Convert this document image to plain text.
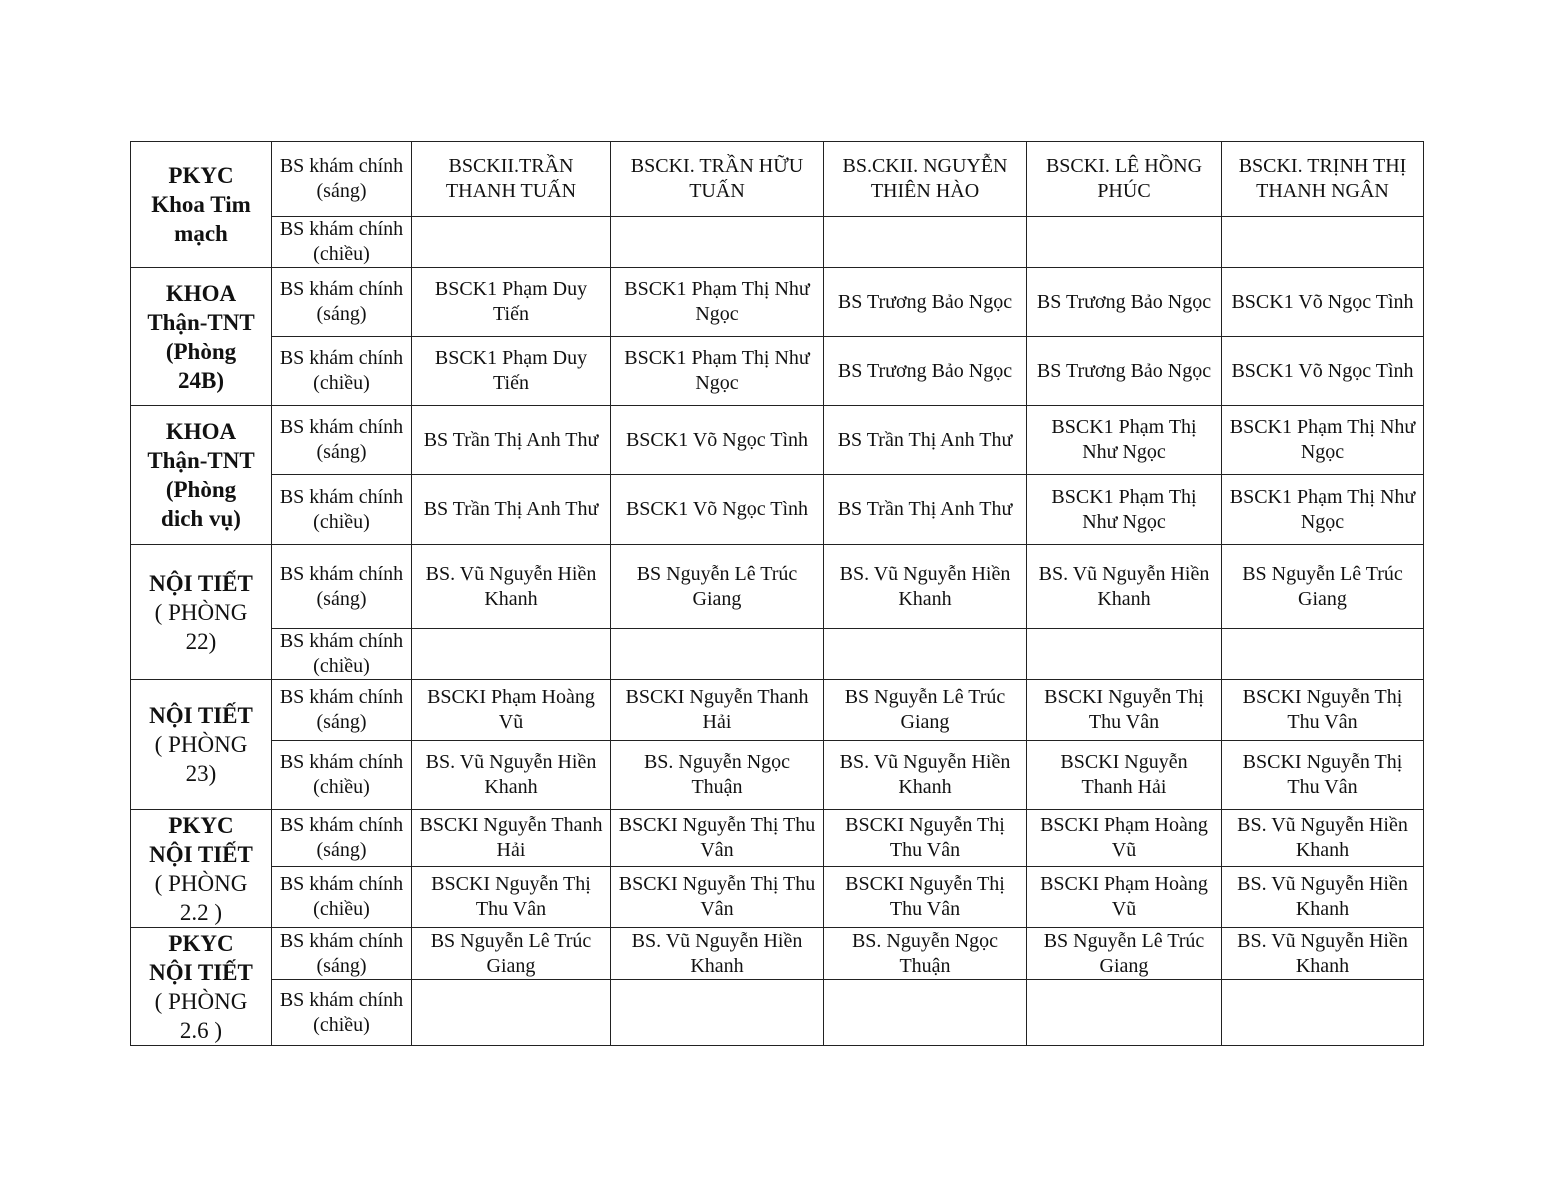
PKYC
Khoa Tim
mạch	BS khám chính (sáng)	BSCKII.TRẦN THANH TUẤN	BSCKI. TRẦN HỮU TUẤN	BS.CKII. NGUYỄN THIÊN HÀO	BSCKI. LÊ HỒNG PHÚC	BSCKI. TRỊNH THỊ THANH NGÂN
	BS khám chính (chiều)					

KHOA
Thận-TNT
(Phòng
24B)	BS khám chính (sáng)	BSCK1 Phạm Duy Tiến	BSCK1 Phạm Thị Như Ngọc	BS Trương Bảo Ngọc	BS Trương Bảo Ngọc	BSCK1 Võ Ngọc Tình
	BS khám chính (chiều)	BSCK1 Phạm Duy Tiến	BSCK1 Phạm Thị Như Ngọc	BS Trương Bảo Ngọc	BS Trương Bảo Ngọc	BSCK1 Võ Ngọc Tình

KHOA
Thận-TNT
(Phòng
dich vụ)	BS khám chính (sáng)	BS Trần Thị Anh Thư	BSCK1 Võ Ngọc Tình	BS Trần Thị Anh Thư	BSCK1 Phạm Thị Như Ngọc	BSCK1 Phạm Thị Như Ngọc
	BS khám chính (chiều)	BS Trần Thị Anh Thư	BSCK1 Võ Ngọc Tình	BS Trần Thị Anh Thư	BSCK1 Phạm Thị Như Ngọc	BSCK1 Phạm Thị Như Ngọc

NỘI TIẾT
( PHÒNG
22)	BS khám chính (sáng)	BS. Vũ Nguyễn Hiền Khanh	BS Nguyễn Lê Trúc Giang	BS. Vũ Nguyễn Hiền Khanh	BS. Vũ Nguyễn Hiền Khanh	BS Nguyễn Lê Trúc Giang
	BS khám chính (chiều)					

NỘI TIẾT
( PHÒNG
23)	BS khám chính (sáng)	BSCKI Phạm Hoàng Vũ	BSCKI Nguyễn Thanh Hải	BS Nguyễn Lê Trúc Giang	BSCKI Nguyễn Thị Thu Vân	BSCKI Nguyễn Thị Thu Vân
	BS khám chính (chiều)	BS. Vũ Nguyễn Hiền Khanh	BS. Nguyễn Ngọc Thuận	BS. Vũ Nguyễn Hiền Khanh	BSCKI Nguyễn Thanh Hải	BSCKI Nguyễn Thị Thu Vân

PKYC
NỘI TIẾT
( PHÒNG
2.2 )	BS khám chính (sáng)	BSCKI Nguyễn Thanh Hải	BSCKI Nguyễn Thị Thu Vân	BSCKI Nguyễn Thị Thu Vân	BSCKI Phạm Hoàng Vũ	BS. Vũ Nguyễn Hiền Khanh
	BS khám chính (chiều)	BSCKI Nguyễn Thị Thu Vân	BSCKI Nguyễn Thị Thu Vân	BSCKI Nguyễn Thị Thu Vân	BSCKI Phạm Hoàng Vũ	BS. Vũ Nguyễn Hiền Khanh

PKYC
NỘI TIẾT
( PHÒNG
2.6 )	BS khám chính (sáng)	BS Nguyễn Lê Trúc Giang	BS. Vũ Nguyễn Hiền Khanh	BS. Nguyễn Ngọc Thuận	BS Nguyễn Lê Trúc Giang	BS. Vũ Nguyễn Hiền Khanh
	BS khám chính (chiều)					
